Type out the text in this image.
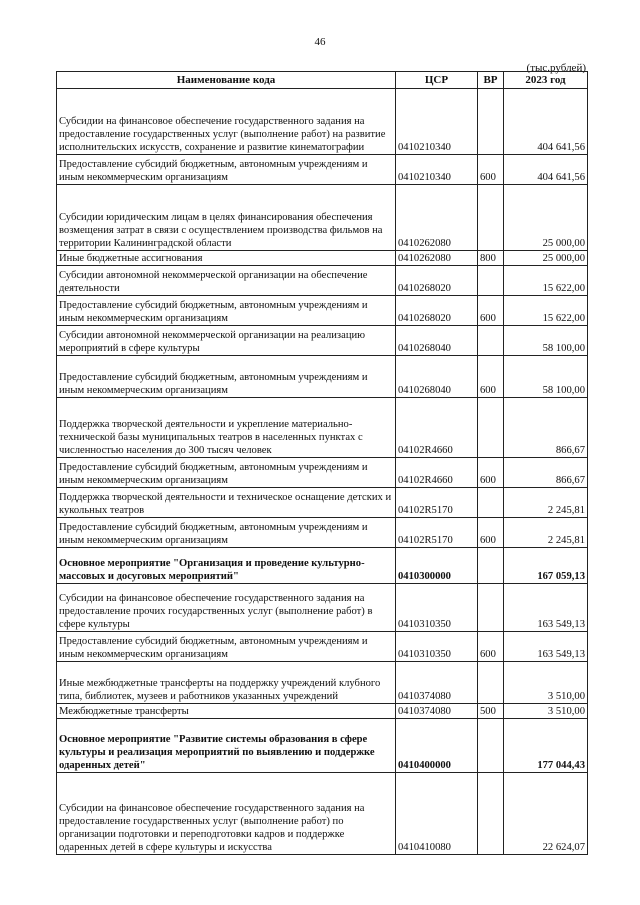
46
(тыс.рублей)
Наименование кода	ЦСР	ВР	2023 год
Субсидии на финансовое обеспечение государственного задания на предоставление государственных услуг (выполнение работ) на развитие исполнительских искусств, сохранение и развитие кинематографии	0410210340		404 641,56
Предоставление субсидий бюджетным, автономным учреждениям и иным некоммерческим организациям	0410210340	600	404 641,56
Субсидии юридическим лицам в целях финансирования обеспечения возмещения затрат в связи с осуществлением производства фильмов на территории Калининградской области	0410262080		25 000,00
Иные бюджетные ассигнования	0410262080	800	25 000,00
Субсидии автономной некоммерческой организации на обеспечение деятельности	0410268020		15 622,00
Предоставление субсидий бюджетным, автономным учреждениям и иным некоммерческим организациям	0410268020	600	15 622,00
Субсидии автономной некоммерческой организации на реализацию мероприятий в сфере культуры	0410268040		58 100,00
Предоставление субсидий бюджетным, автономным учреждениям и иным некоммерческим организациям	0410268040	600	58 100,00
Поддержка творческой деятельности и укрепление материально-технической базы муниципальных театров в населенных пунктах с численностью населения до 300 тысяч человек	04102R4660		866,67
Предоставление субсидий бюджетным, автономным учреждениям и иным некоммерческим организациям	04102R4660	600	866,67
Поддержка творческой деятельности и техническое оснащение детских и кукольных театров	04102R5170		2 245,81
Предоставление субсидий бюджетным, автономным учреждениям и иным некоммерческим организациям	04102R5170	600	2 245,81
Основное мероприятие "Организация и проведение культурно-массовых и досуговых мероприятий"	0410300000		167 059,13
Субсидии на финансовое обеспечение государственного задания на предоставление прочих государственных услуг (выполнение работ) в сфере культуры	0410310350		163 549,13
Предоставление субсидий бюджетным, автономным учреждениям и иным некоммерческим организациям	0410310350	600	163 549,13
Иные межбюджетные трансферты на поддержку учреждений клубного типа, библиотек, музеев и работников указанных учреждений	0410374080		3 510,00
Межбюджетные трансферты	0410374080	500	3 510,00
Основное мероприятие "Развитие системы образования в сфере культуры и реализация мероприятий по выявлению и поддержке одаренных детей"	0410400000		177 044,43
Субсидии на финансовое обеспечение государственного задания на предоставление государственных услуг (выполнение работ) по организации подготовки и переподготовки кадров и поддержке одаренных детей в сфере культуры и искусства	0410410080		22 624,07
